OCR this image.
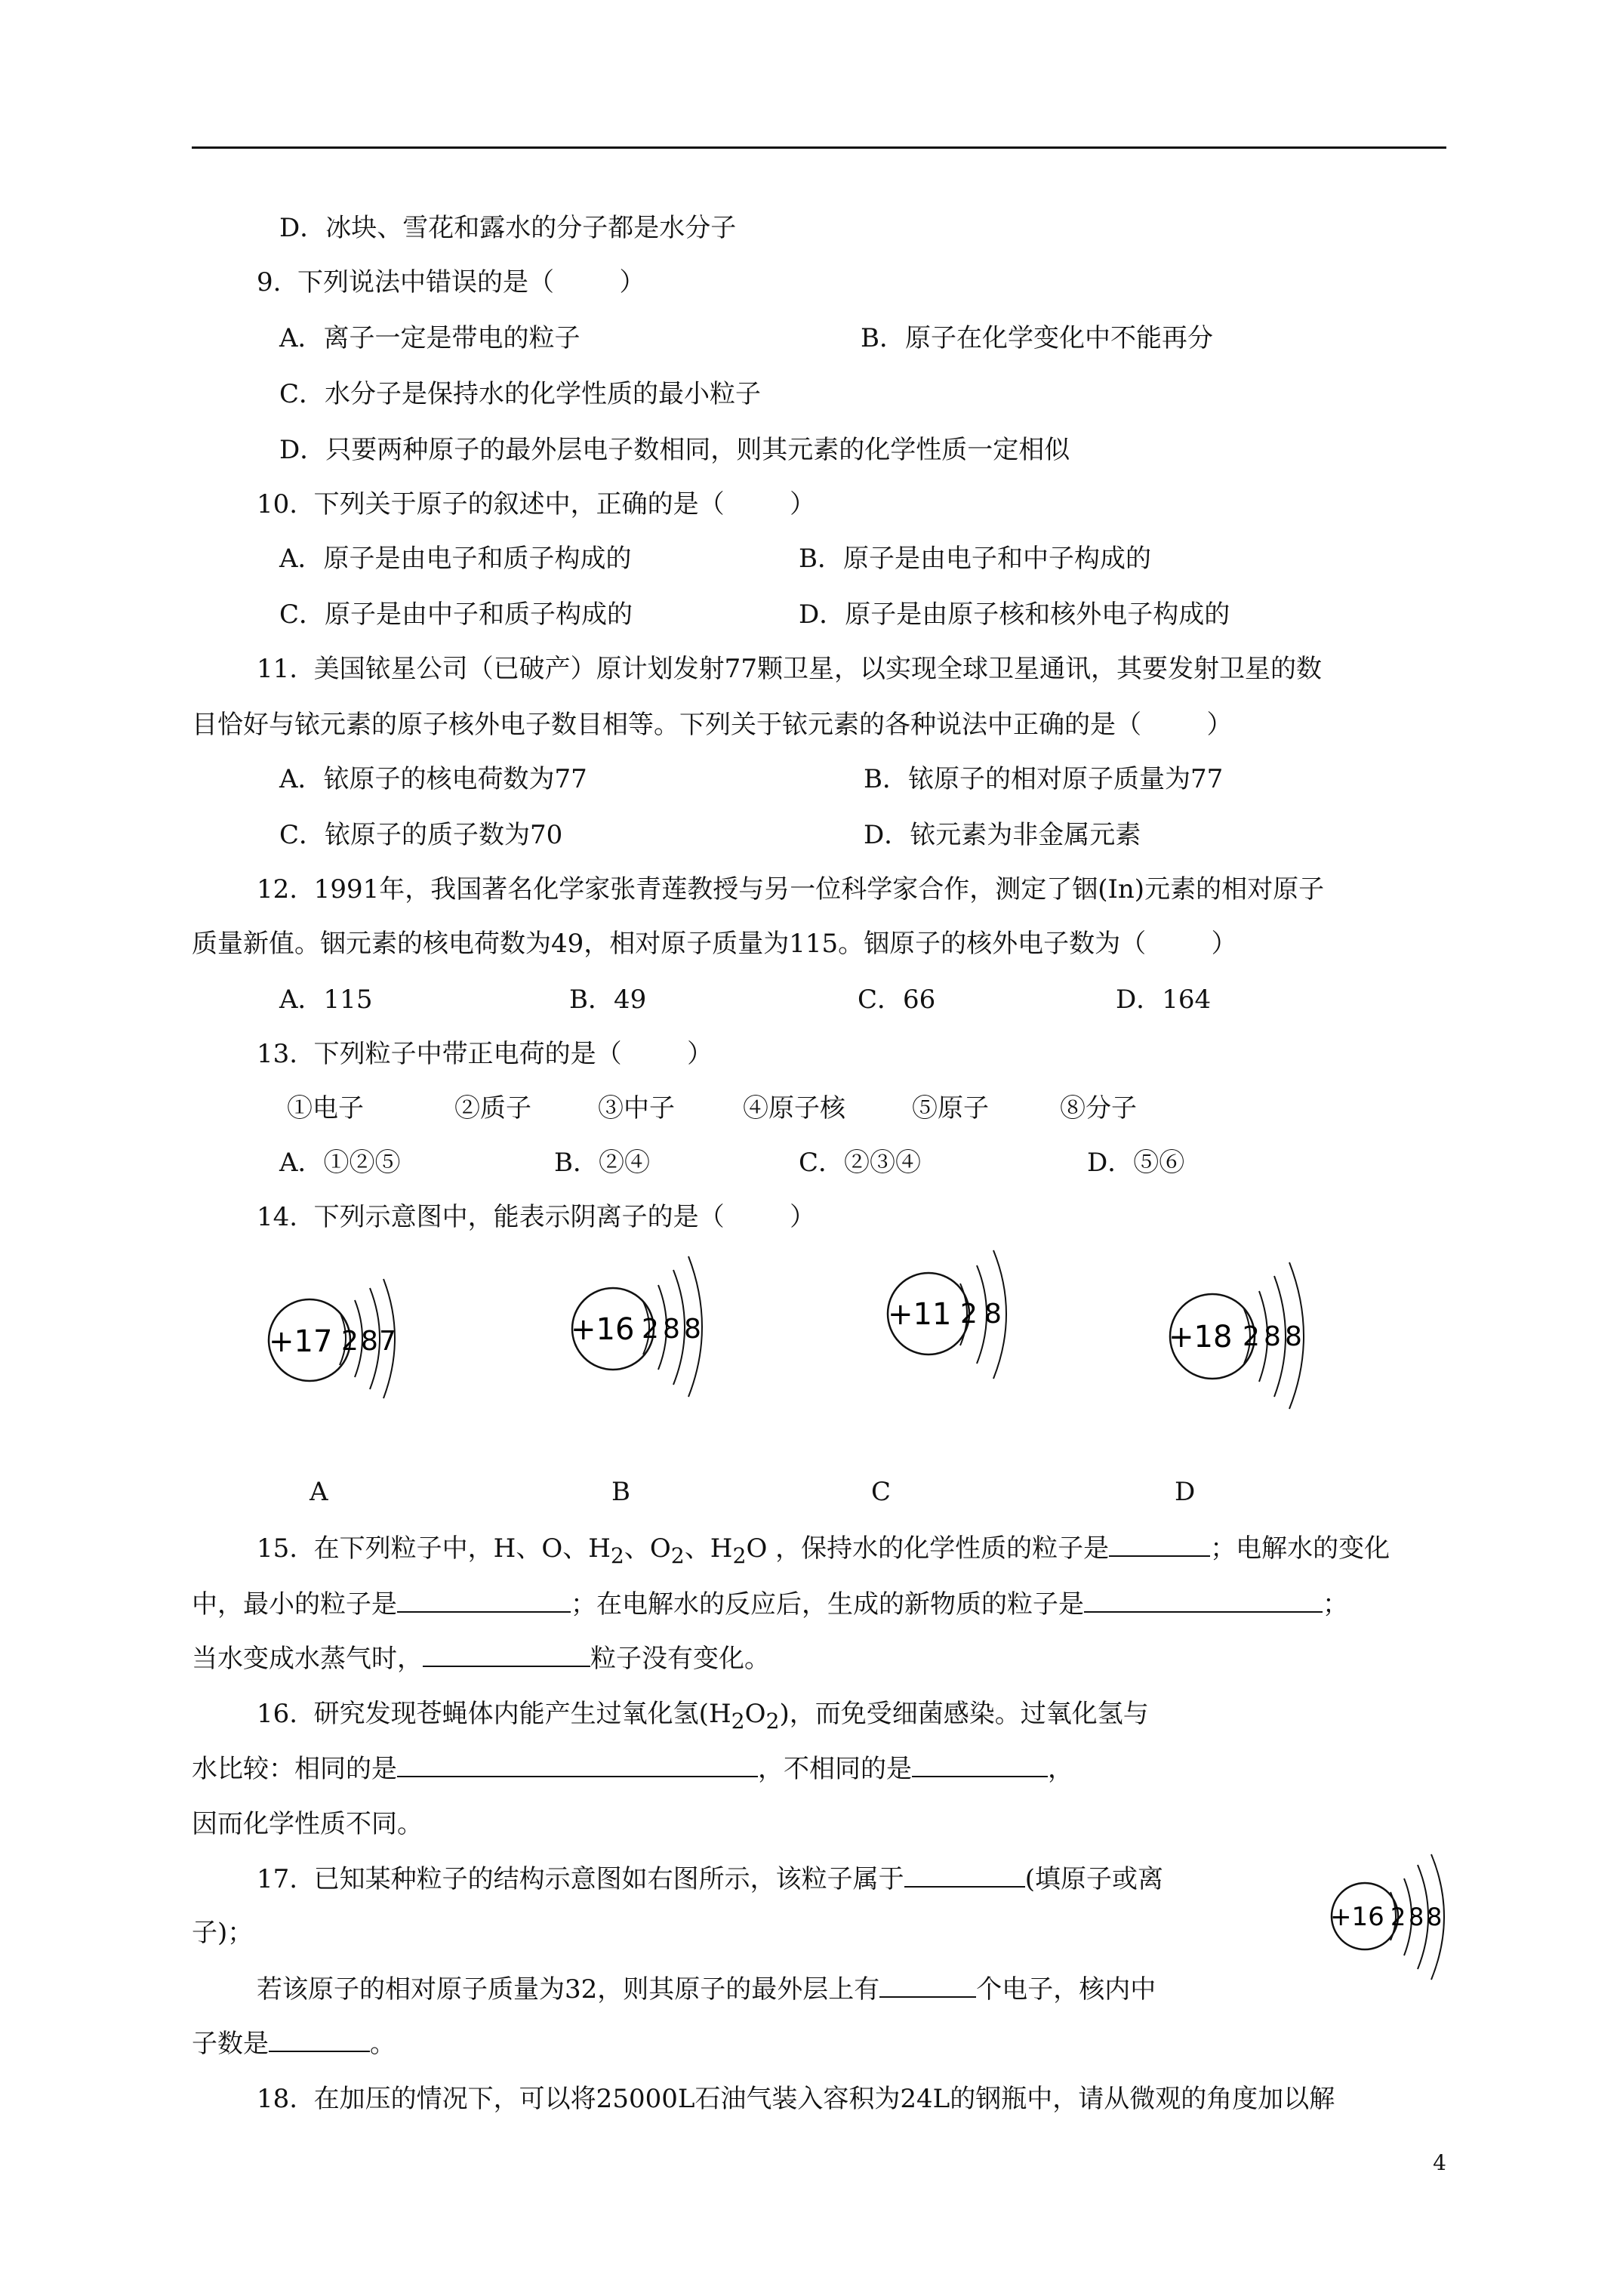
D．冰块、雪花和露水的分子都是水分子
9.  下列说法中错误的是（        ）
A．离子一定是带电的粒子	B．原子在化学变化中不能再分
C．水分子是保持水的化学性质的最小粒子
D．只要两种原子的最外层电子数相同，则其元素的化学性质一定相似
10.  下列关于原子的叙述中，正确的是（        ）
A．原子是由电子和质子构成的	B．原子是由电子和中子构成的
C．原子是由中子和质子构成的	D．原子是由原子核和核外电子构成的
11.  美国铱星公司（已破产）原计划发射77颗卫星，以实现全球卫星通讯，其要发射卫星的数
目恰好与铱元素的原子核外电子数目相等。下列关于铱元素的各种说法中正确的是（        ）
A．铱原子的核电荷数为77	B．铱原子的相对原子质量为77
C．铱原子的质子数为70	D．铱元素为非金属元素
12.  1991年，我国著名化学家张青莲教授与另一位科学家合作，测定了铟(In)元素的相对原子
质量新值。铟元素的核电荷数为49，相对原子质量为115。铟原子的核外电子数为（        ）
A．115	B．49	C．66	D．164
13.  下列粒子中带正电荷的是（        ）
①电子	②质子	③中子	④原子核	⑤原子	⑧分子
A．①②⑤	B．②④	C．②③④	D．⑤⑥
14.  下列示意图中，能表示阴离子的是（        ）
+17 2 8 7	+16 2 8 8	+11 2 8
+18 2 8 8
A	B	C	D
15.  在下列粒子中，H、O、$H_2$、$O_2$、$H_2O$ ，保持水的化学性质的粒子是	；电解水的变化
中，最小的粒子是	；在电解水的反应后，生成的新物质的粒子是	；
当水变成水蒸气时，	粒子没有变化。
16.  研究发现苍蝇体内能产生过氧化氢$(H_2O_2)$，而免受细菌感染。过氧化氢与
水比较：相同的是	，不相同的是	，
因而化学性质不同。
17.  已知某种粒子的结构示意图如右图所示，该粒子属于	(填原子或离
子)；
若该原子的相对原子质量为32，则其原子的最外层上有	个电子，核内中
子数是	。
+16 2 8 8
18.  在加压的情况下，可以将25000L石油气装入容积为24L的钢瓶中，请从微观的角度加以解
4
